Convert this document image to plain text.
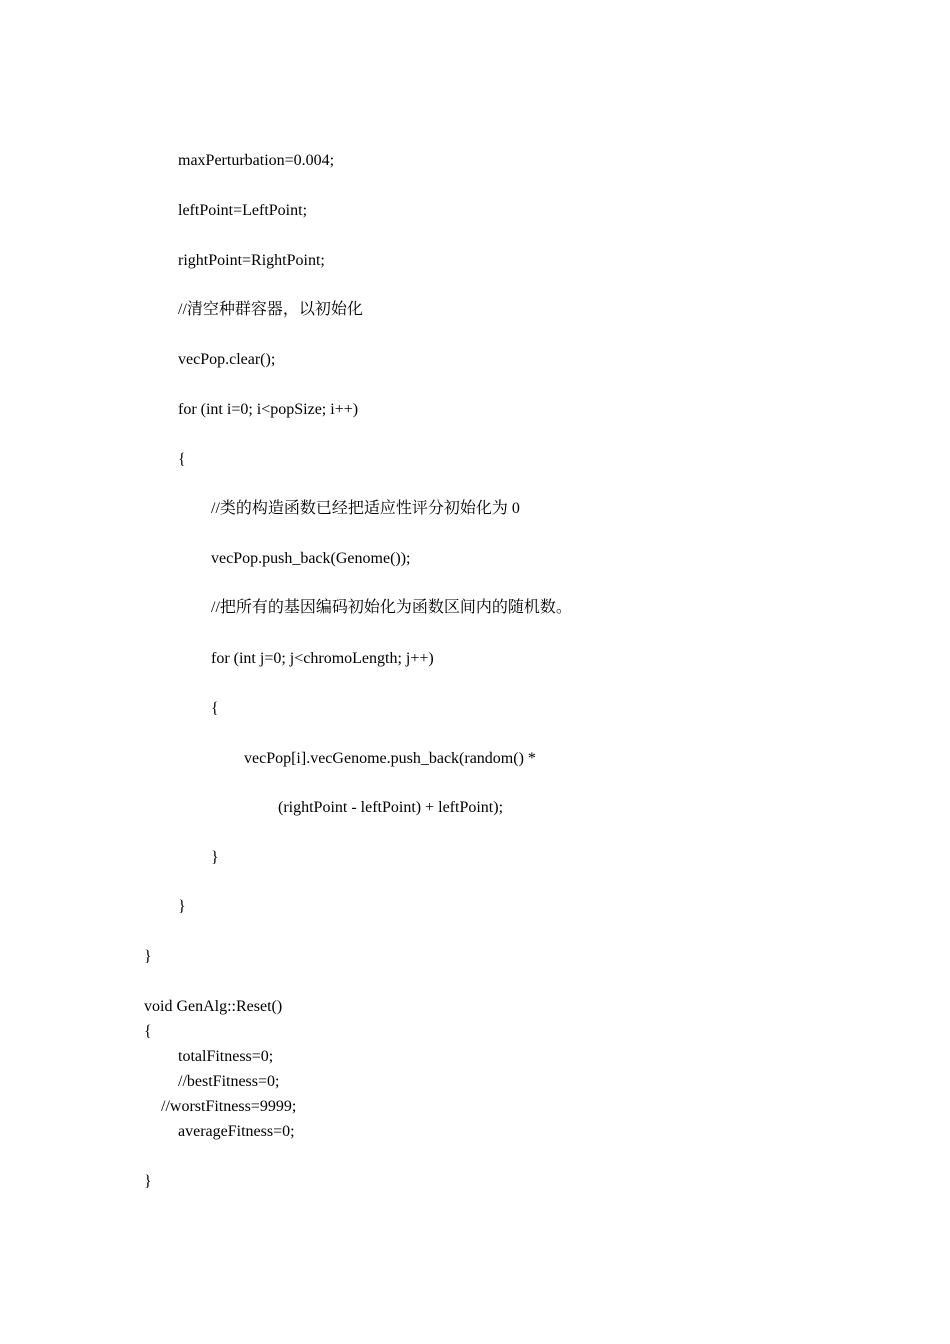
maxPerturbation=0.004;
leftPoint=LeftPoint;
rightPoint=RightPoint;
//清空种群容器，以初始化
vecPop.clear();
for (int i=0; i<popSize; i++)
{
//类的构造函数已经把适应性评分初始化为 0
vecPop.push_back(Genome());
//把所有的基因编码初始化为函数区间内的随机数。
for (int j=0; j<chromoLength; j++)
{
vecPop[i].vecGenome.push_back(random() *
(rightPoint - leftPoint) + leftPoint);
}
}
}
void GenAlg::Reset()
{
totalFitness=0;
//bestFitness=0;
//worstFitness=9999;
averageFitness=0;
}
